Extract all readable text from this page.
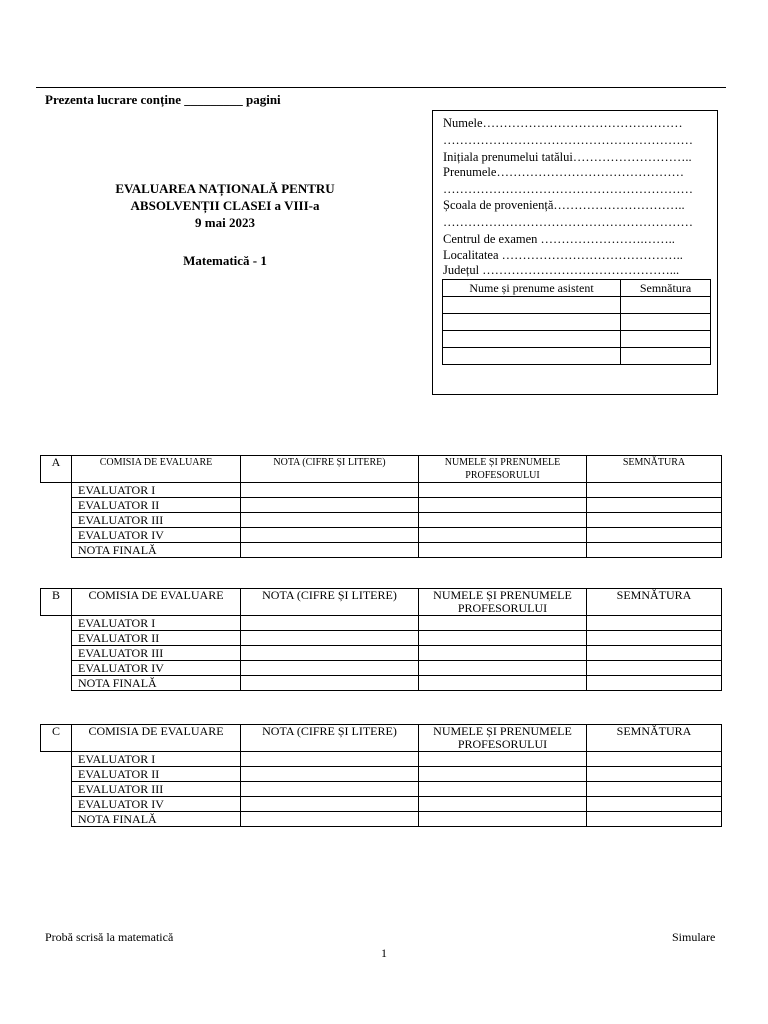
Prezenta lucrare conține _________ pagini
EVALUAREA NAȚIONALĂ PENTRU
ABSOLVENȚII CLASEI a VIII-a
9 mai 2023
Matematică - 1
Numele…………………………………………
……………………………………………………
Inițiala prenumelui tatălui………………………..
Prenumele………………………………………
……………………………………………………
Școala de proveniență…………………………..
……………………………………………………
Centrul de examen …………………….……..
Localitatea ……………………………………..
Județul ………………………………………...
Nume și prenume asistent	Semnătura

A	COMISIA DE EVALUARE	NOTA (CIFRE ȘI LITERE)	NUMELE ȘI PRENUMELE PROFESORULUI	SEMNĂTURA
	EVALUATOR I			
	EVALUATOR II			
	EVALUATOR III			
	EVALUATOR IV			
	NOTA FINALĂ			
B	COMISIA DE EVALUARE	NOTA (CIFRE ȘI LITERE)	NUMELE ȘI PRENUMELE PROFESORULUI	SEMNĂTURA
	EVALUATOR I			
	EVALUATOR II			
	EVALUATOR III			
	EVALUATOR IV			
	NOTA FINALĂ			
C	COMISIA DE EVALUARE	NOTA (CIFRE ȘI LITERE)	NUMELE ȘI PRENUMELE PROFESORULUI	SEMNĂTURA
	EVALUATOR I			
	EVALUATOR II			
	EVALUATOR III			
	EVALUATOR IV			
	NOTA FINALĂ			
Probă scrisă la matematică	Simulare
1
